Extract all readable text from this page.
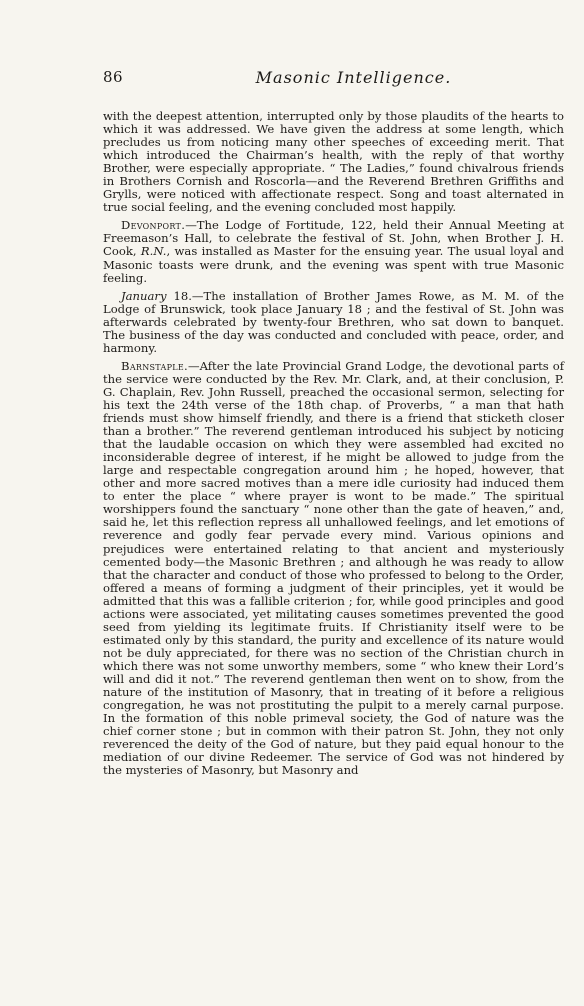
86	Masonic Intelligence.

with the deepest attention, interrupted only by those plaudits of the hearts to which it was addressed. We have given the address at some length, which precludes us from noticing many other speeches of exceeding merit. That which introduced the Chairman’s health, with the reply of that worthy Brother, were especially appropriate. “ The Ladies,” found chivalrous friends in Brothers Cornish and Roscorla—and the Reverend Brethren Griffiths and Grylls, were noticed with affectionate respect. Song and toast alternated in true social feeling, and the evening concluded most happily.

Devonport.—The Lodge of Fortitude, 122, held their Annual Meeting at Freemason’s Hall, to celebrate the festival of St. John, when Brother J. H. Cook, R.N., was installed as Master for the ensuing year. The usual loyal and Masonic toasts were drunk, and the evening was spent with true Masonic feeling.

January 18.—The installation of Brother James Rowe, as M. M. of the Lodge of Brunswick, took place January 18 ; and the festival of St. John was afterwards celebrated by twenty-four Brethren, who sat down to banquet. The business of the day was conducted and concluded with peace, order, and harmony.

Barnstaple.—After the late Provincial Grand Lodge, the devotional parts of the service were conducted by the Rev. Mr. Clark, and, at their conclusion, P. G. Chaplain, Rev. John Russell, preached the occasional sermon, selecting for his text the 24th verse of the 18th chap. of Proverbs, “ a man that hath friends must show himself friendly, and there is a friend that sticketh closer than a brother.” The reverend gentleman introduced his subject by noticing that the laudable occasion on which they were assembled had excited no inconsiderable degree of interest, if he might be allowed to judge from the large and respectable congregation around him ; he hoped, however, that other and more sacred motives than a mere idle curiosity had induced them to enter the place “ where prayer is wont to be made.” The spiritual worshippers found the sanctuary “ none other than the gate of heaven,” and, said he, let this reflection repress all unhallowed feelings, and let emotions of reverence and godly fear pervade every mind. Various opinions and prejudices were entertained relating to that ancient and mysteriously cemented body—the Masonic Brethren ; and although he was ready to allow that the character and conduct of those who professed to belong to the Order, offered a means of forming a judgment of their principles, yet it would be admitted that this was a fallible criterion ; for, while good principles and good actions were associated, yet militating causes sometimes prevented the good seed from yielding its legitimate fruits. If Christianity itself were to be estimated only by this standard, the purity and excellence of its nature would not be duly appreciated, for there was no section of the Christian church in which there was not some unworthy members, some “ who knew their Lord’s will and did it not.” The reverend gentleman then went on to show, from the nature of the institution of Masonry, that in treating of it before a religious congregation, he was not prostituting the pulpit to a merely carnal purpose. In the formation of this noble primeval society, the God of nature was the chief corner stone ; but in common with their patron St. John, they not only reverenced the deity of the God of nature, but they paid equal honour to the mediation of our divine Redeemer. The service of God was not hindered by the mysteries of Masonry, but Masonry and
